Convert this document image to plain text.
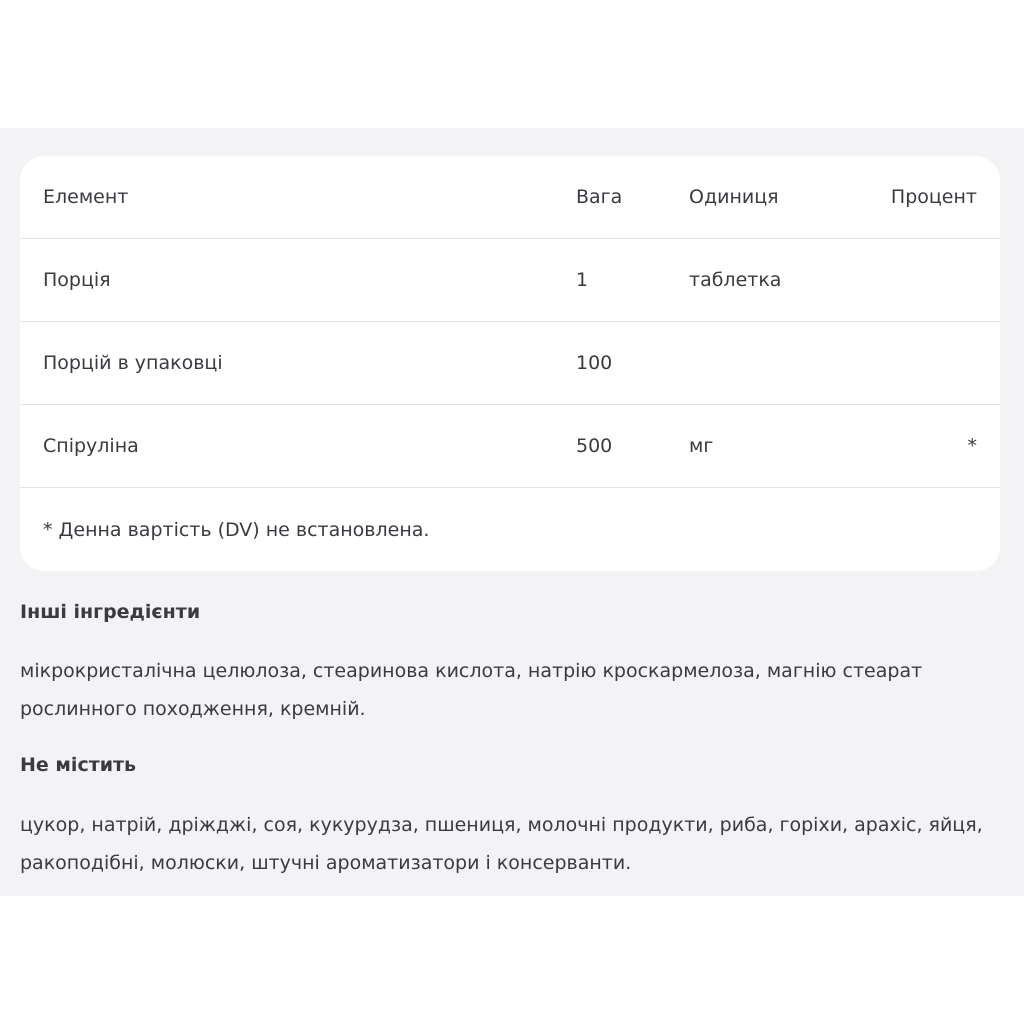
Елемент	Вага	Одиниця	Процент
Порція	1	таблетка
Порцій в упаковці	100
Спіруліна	500	мг	*
* Денна вартість (DV) не встановлена.
Інші інгредієнти
мікрокристалічна целюлоза, стеаринова кислота, натрію кроскармелоза, магнію стеарат рослинного походження, кремній.
Не містить
цукор, натрій, дріжджі, соя, кукурудза, пшениця, молочні продукти, риба, горіхи, арахіс, яйця, ракоподібні, молюски, штучні ароматизатори і консерванти.
